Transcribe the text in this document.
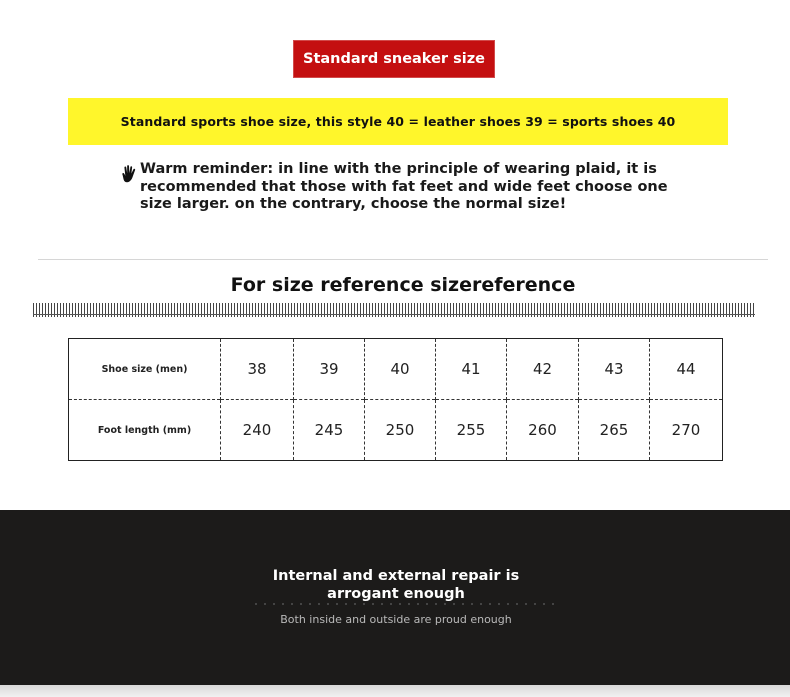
Standard sneaker size
Standard sports shoe size, this style 40 = leather shoes 39 = sports shoes 40
Warm reminder: in line with the principle of wearing plaid, it is recommended that those with fat feet and wide feet choose one size larger. on the contrary, choose the normal size!
For size reference sizereference
Shoe size (men)	38	39	40	41	42	43	44
Foot length (mm)	240	245	250	255	260	265	270
Internal and external repair is arrogant enough
Both inside and outside are proud enough
